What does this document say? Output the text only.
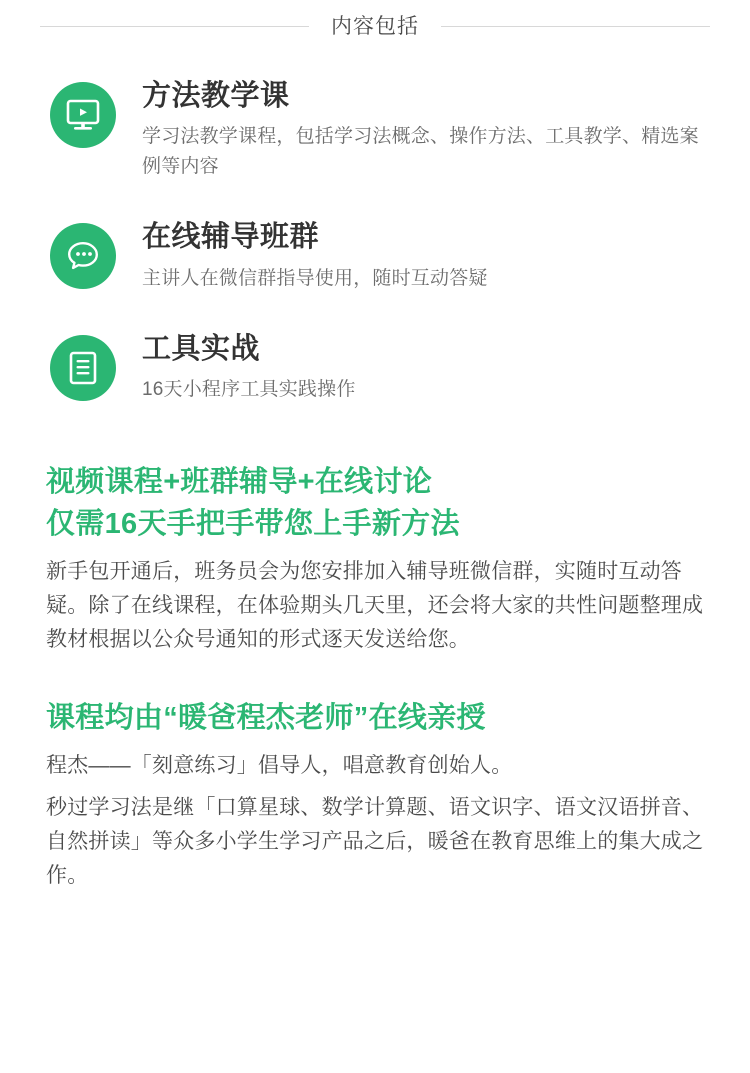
内容包括
方法教学课
学习法教学课程，包括学习法概念、操作方法、工具教学、精选案例等内容
在线辅导班群
主讲人在微信群指导使用，随时互动答疑
工具实战
16天小程序工具实践操作
视频课程+班群辅导+在线讨论
仅需16天手把手带您上手新方法
新手包开通后，班务员会为您安排加入辅导班微信群，实随时互动答疑。除了在线课程，在体验期头几天里，还会将大家的共性问题整理成教材根据以公众号通知的形式逐天发送给您。
课程均由“暖爸程杰老师”在线亲授
程杰——「刻意练习」倡导人，唱意教育创始人。
秒过学习法是继「口算星球、数学计算题、语文识字、语文汉语拼音、自然拼读」等众多小学生学习产品之后，暖爸在教育思维上的集大成之作。
